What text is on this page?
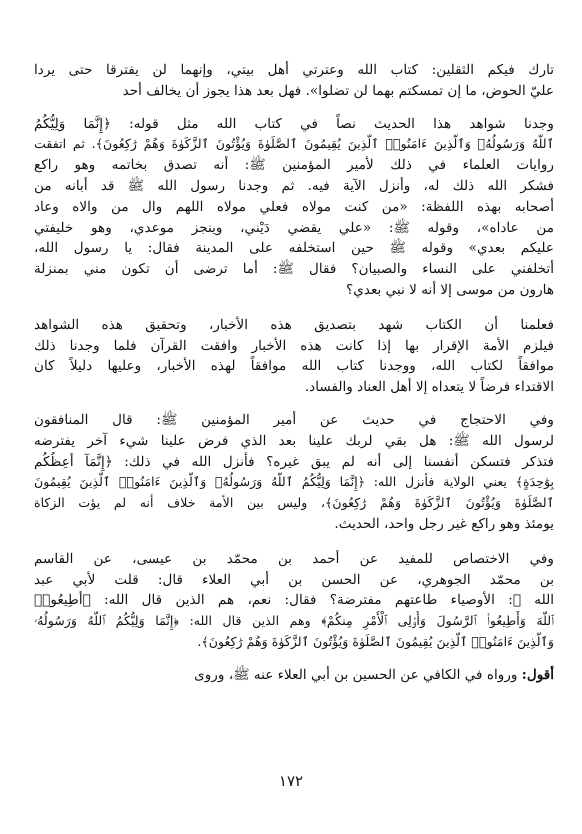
تارك فيكم الثقلين: كتاب الله وعترتي أهل بيتي، وإنهما لن يفترقا حتى يردا
عليّ الحوض، ما إن تمسكتم بهما لن تضلوا». فهل بعد هذا يجوز أن يخالف أحد
وجدنا شواهد هذا الحديث نصاً في كتاب الله مثل قوله: ﴿إِنَّمَا وَلِيُّكُمُ
ٱللَّهُ وَرَسُولُهُۥ وَٱلَّذِينَ ءَامَنُوا۟ ٱلَّذِينَ يُقِيمُونَ ٱلصَّلَوٰةَ وَيُؤْتُونَ ٱلزَّكَوٰةَ وَهُمْ رَٰكِعُونَ﴾. ثم اتفقت
روايات العلماء في ذلك لأمير المؤمنين ﷺ: أنه تصدق بخاتمه وهو راكع
فشكر الله ذلك له، وأنزل الآية فيه. ثم وجدنا رسول الله ﷺ قد أبانه من
أصحابه بهذه اللفظة: «من كنت مولاه فعلي مولاه اللهم وال من والاه وعاد
من عاداه»، وقوله ﷺ: «علي يقضي دَيْني، وينجز موعدي، وهو خليفتي
عليكم بعدي» وقوله ﷺ حين استخلفه على المدينة فقال: يا رسول الله،
أتخلفني على النساء والصبيان؟ فقال ﷺ: أما ترضى أن تكون مني بمنزلة
هارون من موسى إلا أنه لا نبي بعدي؟
فعلمنا أن الكتاب شهد بتصديق هذه الأخبار، وتحقيق هذه الشواهد
فيلزم الأمة الإقرار بها إذا كانت هذه الأخبار وافقت القرآن فلما وجدنا ذلك
موافقاً لكتاب الله، ووجدنا كتاب الله موافقاً لهذه الأخبار، وعليها دليلاً كان
الاقتداء فرضاً لا يتعداه إلا أهل العناد والفساد.
وفي الاحتجاج في حديث عن أمير المؤمنين ﷺ: قال المنافقون
لرسول الله ﷺ: هل بقي لربك علينا بعد الذي فرض علينا شيء آخر يفترضه
فتذكر فتسكن أنفسنا إلى أنه لم يبق غيره؟ فأنزل الله في ذلك: ﴿إِنَّمَآ أَعِظُكُم
بِوَٰحِدَةٍ﴾ يعني الولاية فأنزل الله: ﴿إِنَّمَا وَلِيُّكُمُ ٱللَّهُ وَرَسُولُهُۥ وَٱلَّذِينَ ءَامَنُوا۟ ٱلَّذِينَ يُقِيمُونَ
ٱلصَّلَوٰةَ وَيُؤْتُونَ ٱلزَّكَوٰةَ وَهُمْ رَٰكِعُونَ﴾، وليس بين الأمة خلاف أنه لم يؤت الزكاة
يومئذ وهو راكع غير رجل واحد، الحديث.
وفي الاختصاص للمفيد عن أحمد بن محمّد بن عيسى، عن القاسم
بن محمّد الجوهري، عن الحسن بن أبي العلاء قال: قلت لأبي عبد
الله ﷺ: الأوصياء طاعتهم مفترضة؟ فقال: نعم، هم الذين قال الله: ﴿أَطِيعُوا۟
ٱللَّهَ وَأَطِيعُوا۟ ٱلرَّسُولَ وَأُو۟لِى ٱلْأَمْرِ مِنكُمْ﴾ وهم الذين قال الله: ﴿إِنَّمَا وَلِيُّكُمُ ٱللَّهُ وَرَسُولُهُۥ
وَٱلَّذِينَ ءَامَنُوا۟ ٱلَّذِينَ يُقِيمُونَ ٱلصَّلَوٰةَ وَيُؤْتُونَ ٱلزَّكَوٰةَ وَهُمْ رَٰكِعُونَ﴾.
أقول: ورواه في الكافي عن الحسين بن أبي العلاء عنه ﷺ، وروى
١٧٢
